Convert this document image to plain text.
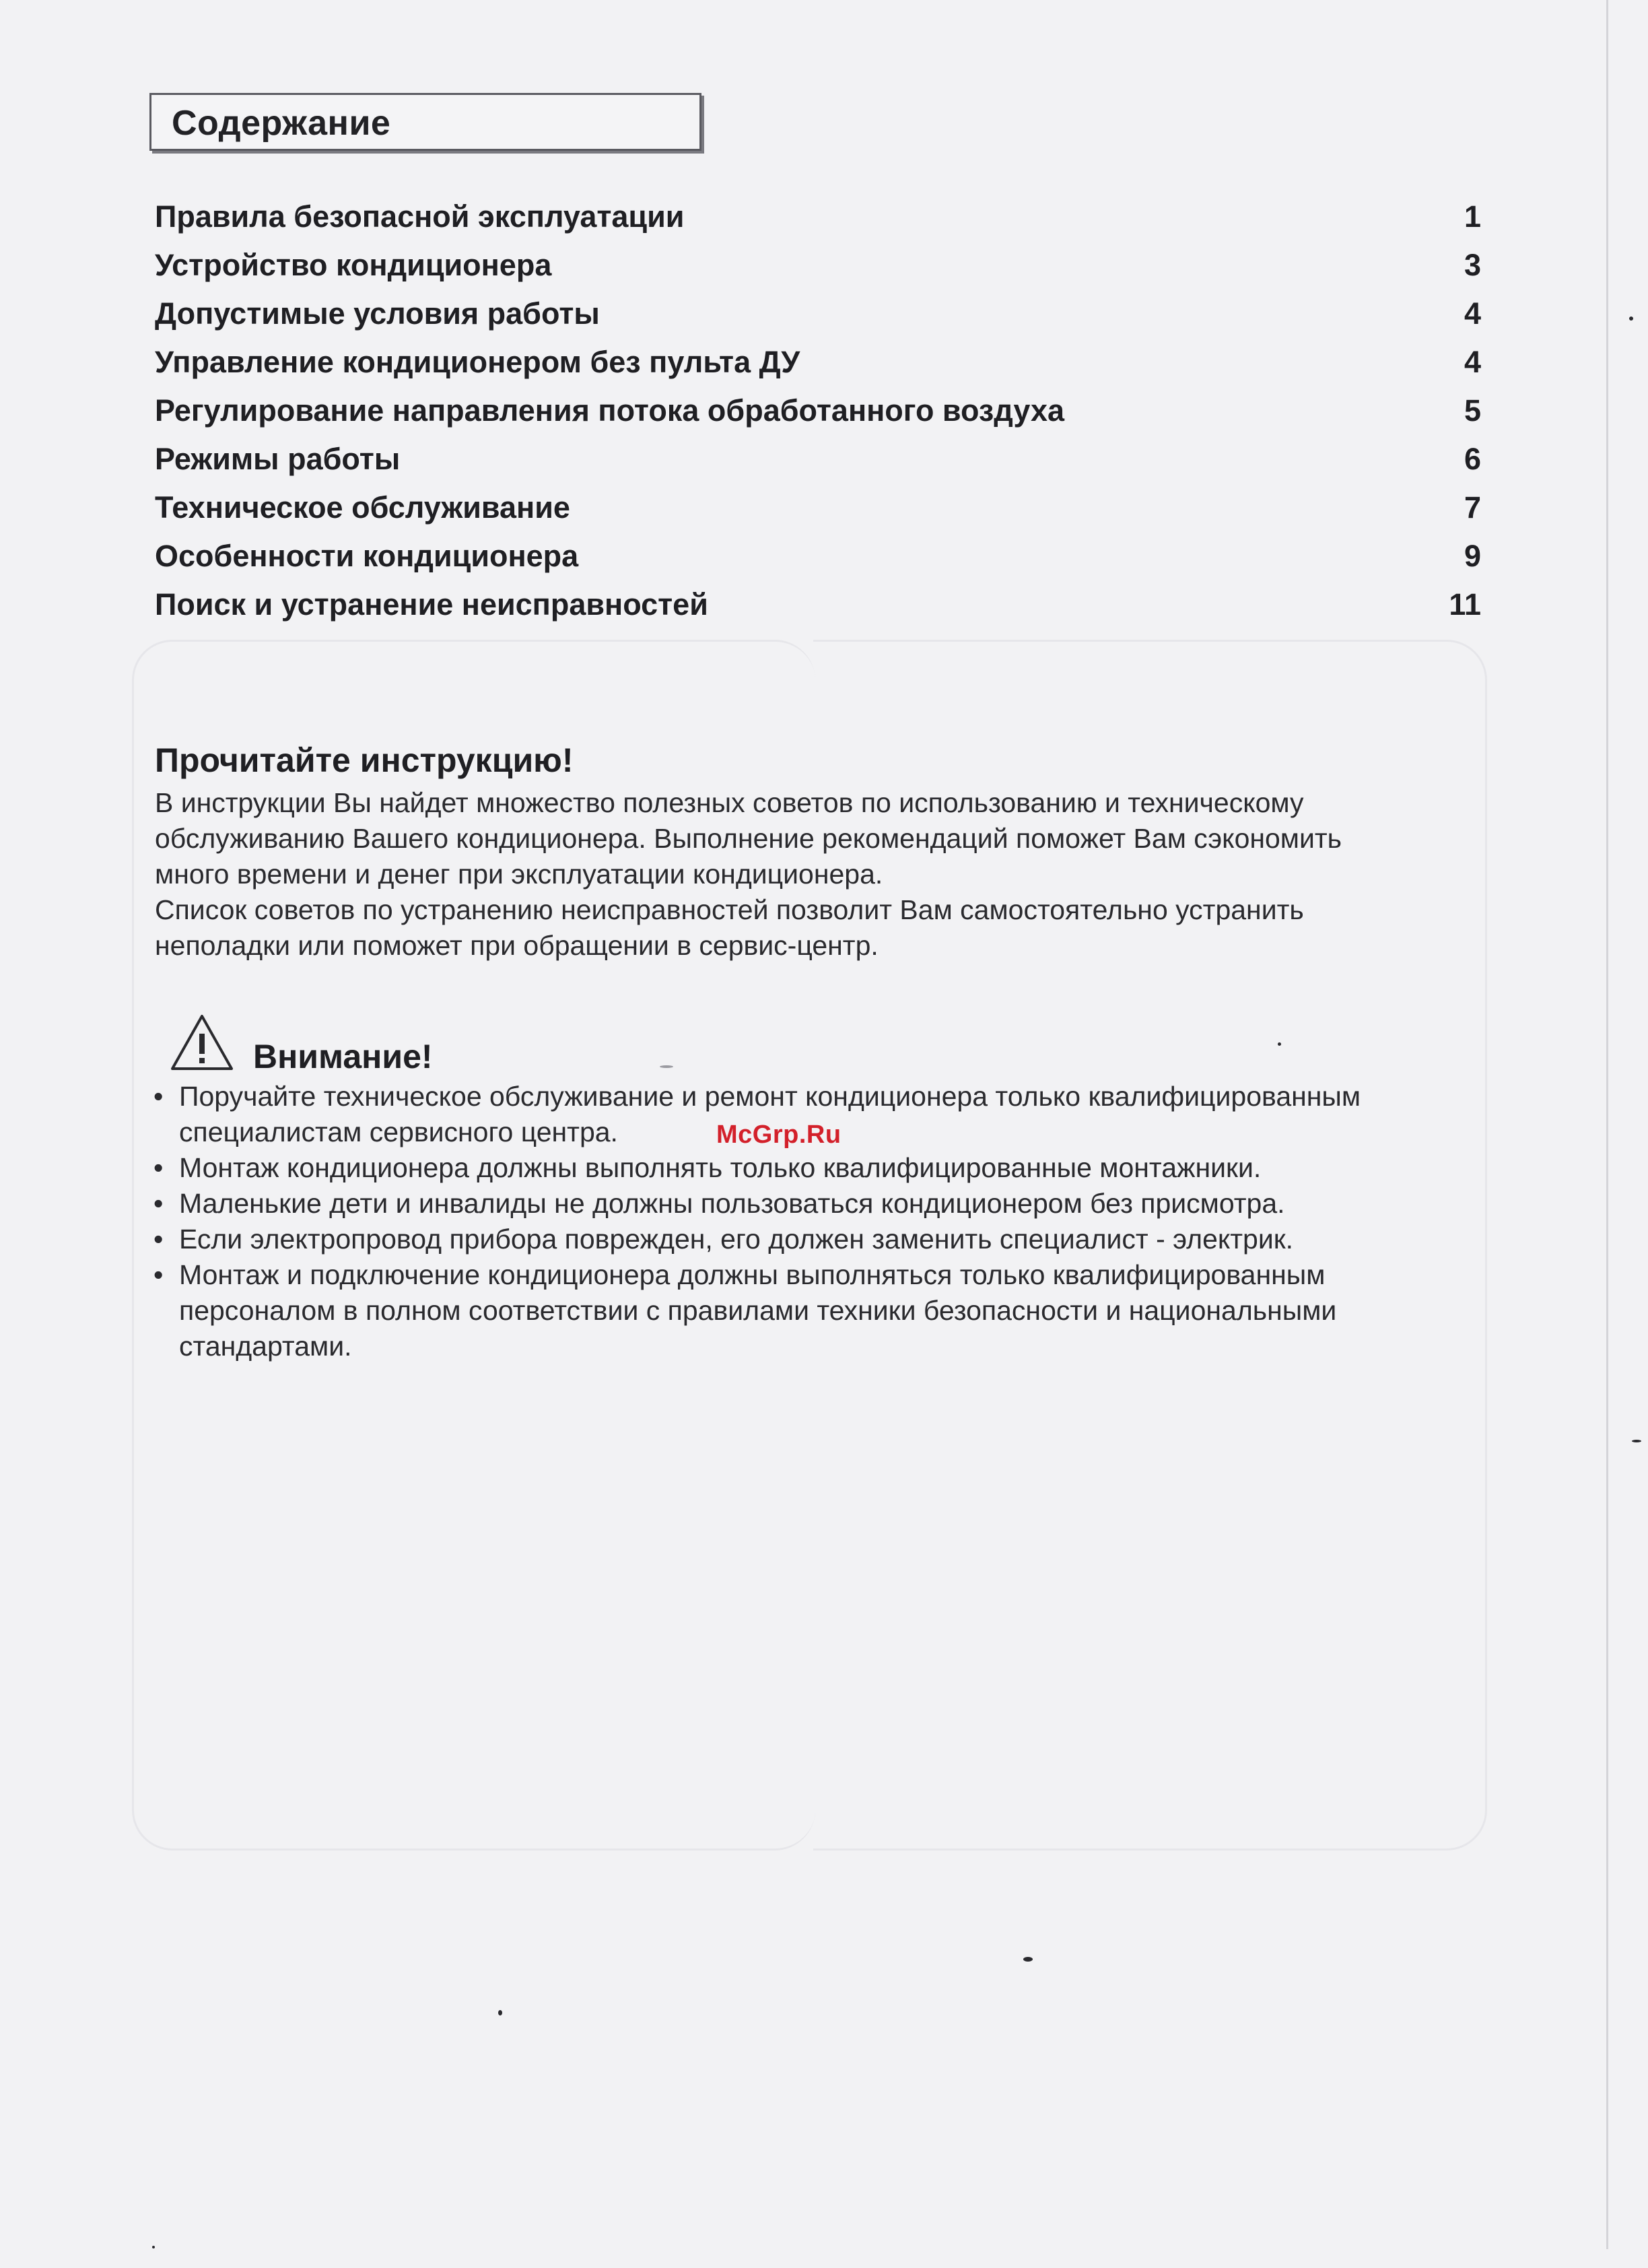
Содержание
Правила безопасной эксплуатации	1
Устройство кондиционера	3
Допустимые условия работы	4
Управление кондиционером без пульта ДУ	4
Регулирование направления потока обработанного воздуха	5
Режимы работы	6
Техническое обслуживание	7
Особенности кондиционера	9
Поиск и устранение неисправностей	11
Прочитайте инструкцию!

В инструкции Вы найдет множество полезных советов по использованию и техническому

обслуживанию Вашего кондиционера. Выполнение рекомендаций поможет Вам сэкономить

много времени и денег при эксплуатации кондиционера.

Список советов по устранению неисправностей позволит Вам самостоятельно устранить

неполадки или поможет при обращении в сервис-центр.

Внимание!
• Поручайте техническое обслуживание и ремонт кондиционера только квалифицированным
специалистам сервисного центра.
• Монтаж кондиционера должны выполнять только квалифицированные монтажники.
• Маленькие дети и инвалиды не должны пользоваться кондиционером без присмотра.
• Если электропровод прибора поврежден, его должен заменить специалист - электрик.
• Монтаж и подключение кондиционера должны выполняться только квалифицированным
персоналом в полном соответствии с правилами техники безопасности и национальными
стандартами.
McGrp.Ru
